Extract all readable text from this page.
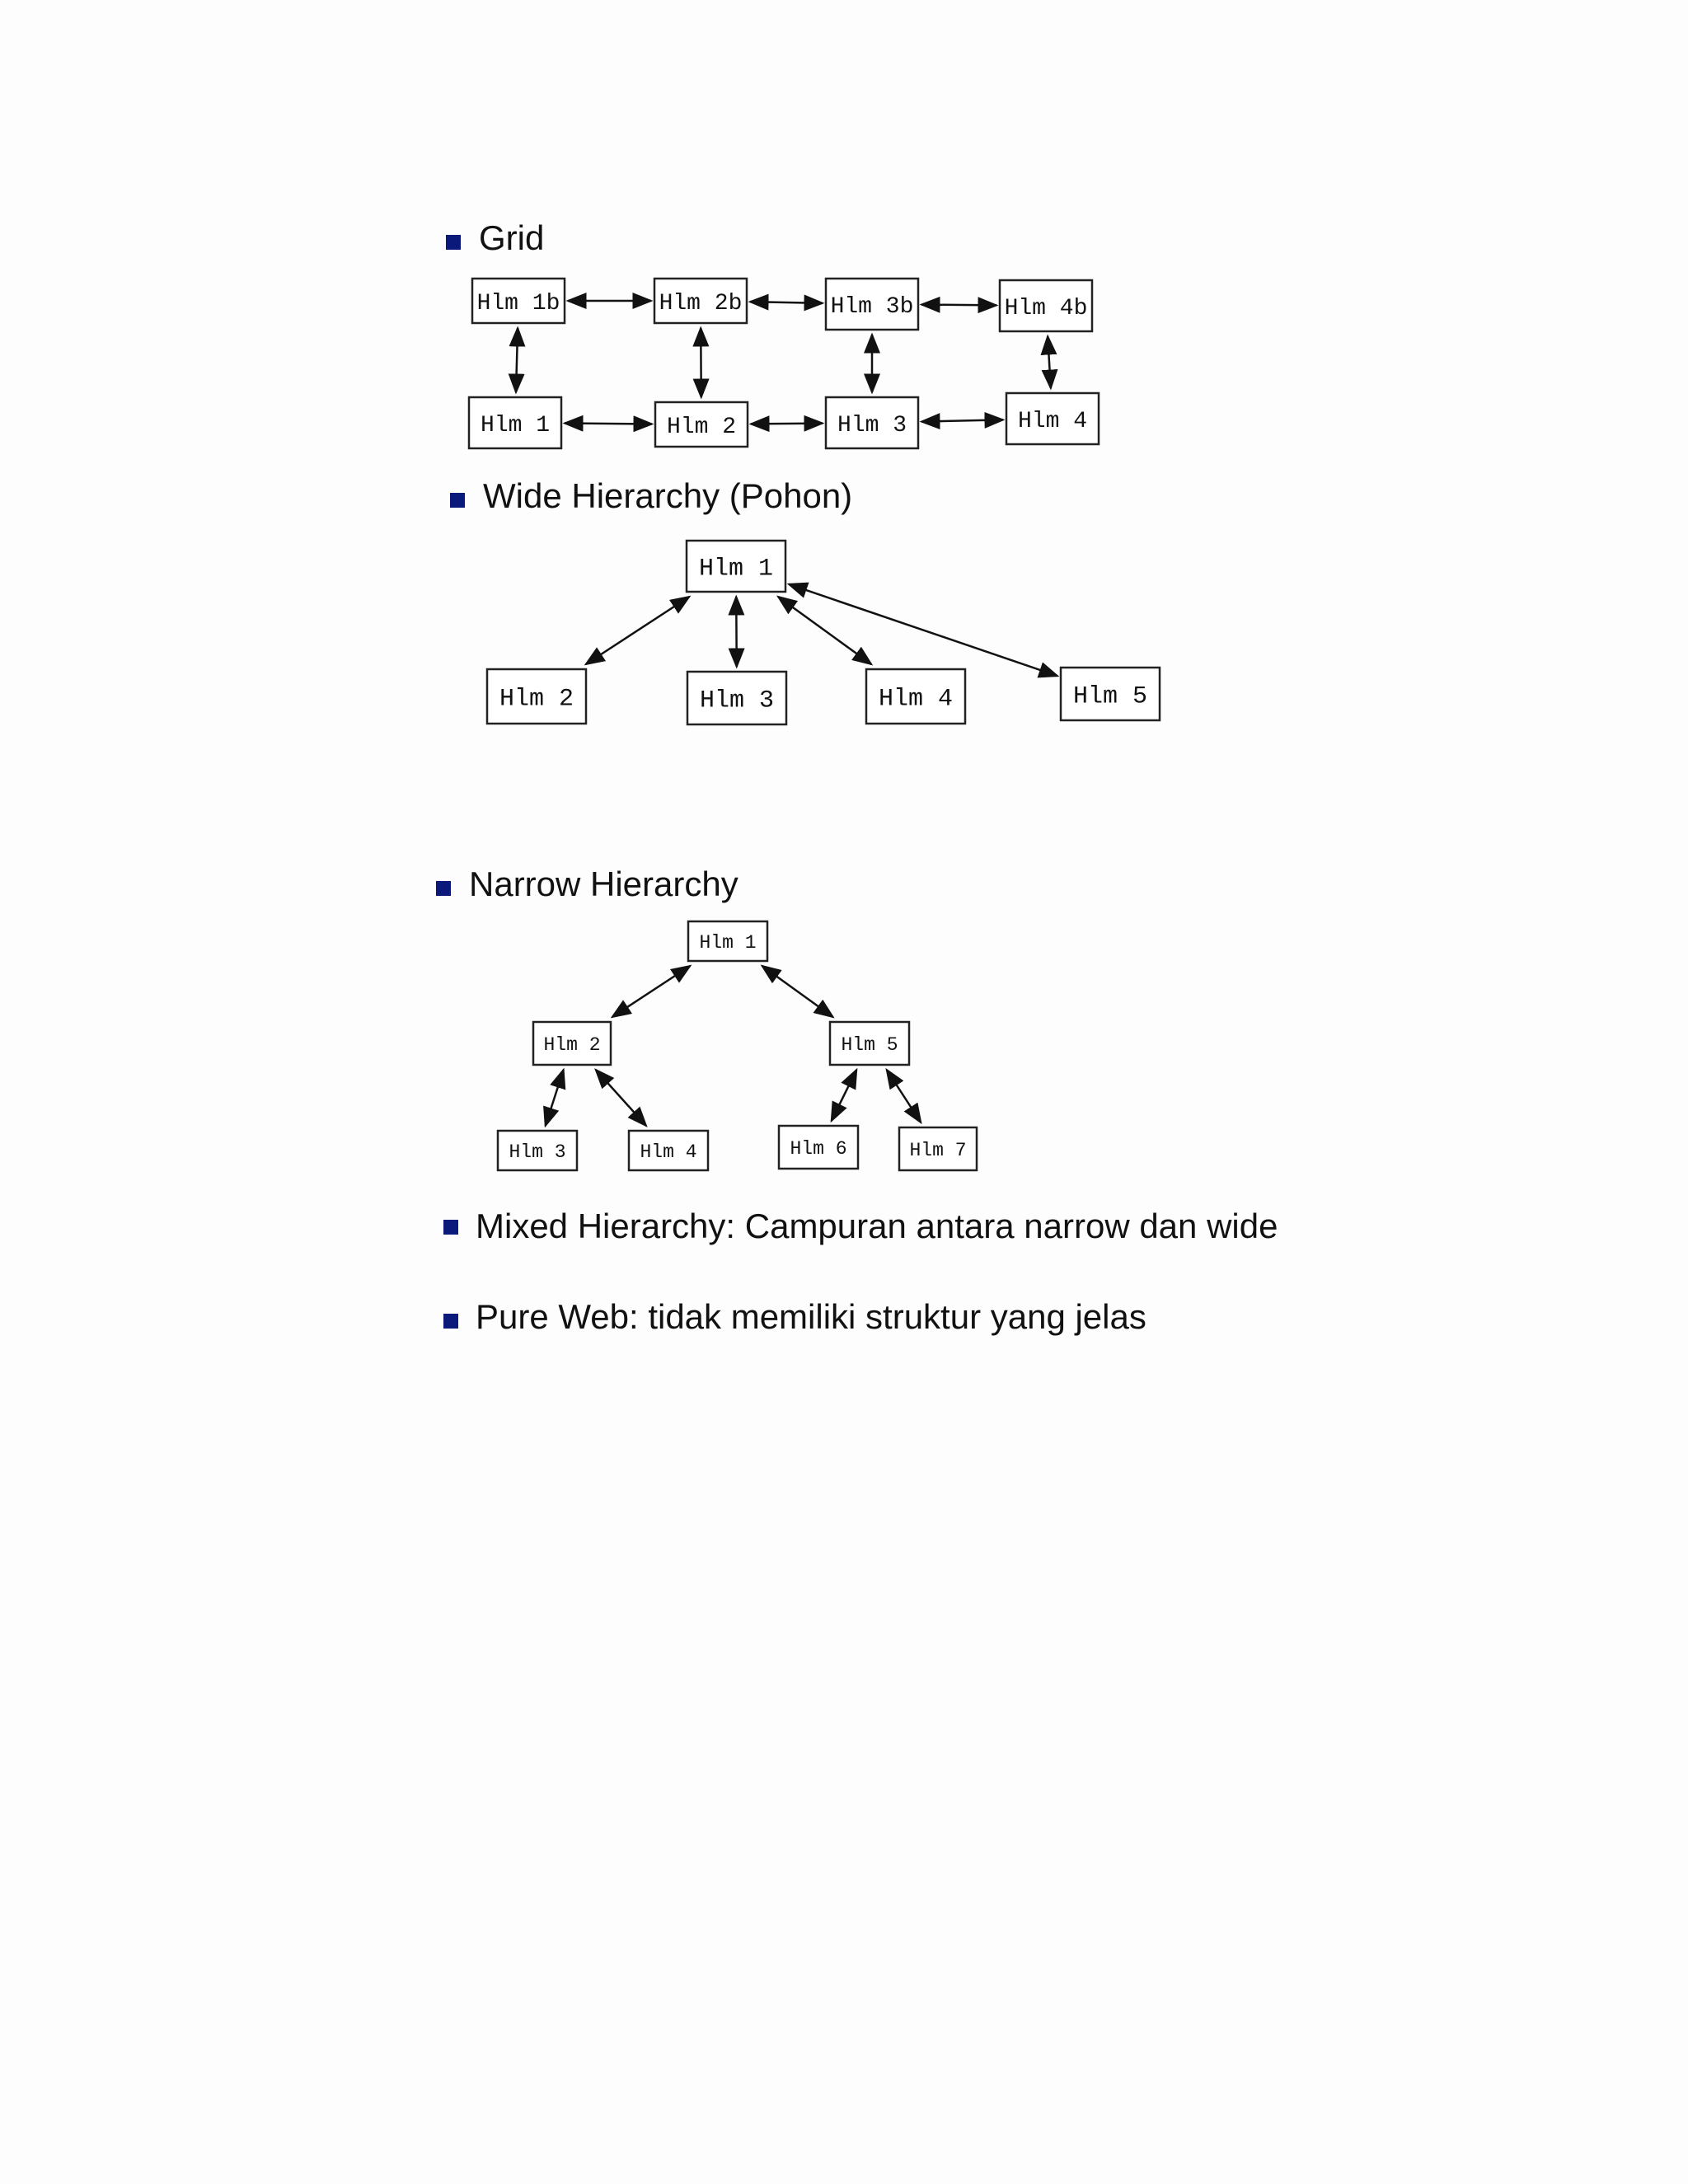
Grid
Wide Hierarchy (Pohon)
Narrow Hierarchy
Mixed Hierarchy: Campuran antara narrow dan wide
Pure Web: tidak memiliki struktur yang jelas
Hlm 1b	Hlm 2b	Hlm 3b	Hlm 4b
Hlm 1	Hlm 2	Hlm 3	Hlm 4
Hlm 1
Hlm 2	Hlm 3	Hlm 4	Hlm 5
Hlm 1
Hlm 2	Hlm 5
Hlm 3	Hlm 4	Hlm 6	Hlm 7
